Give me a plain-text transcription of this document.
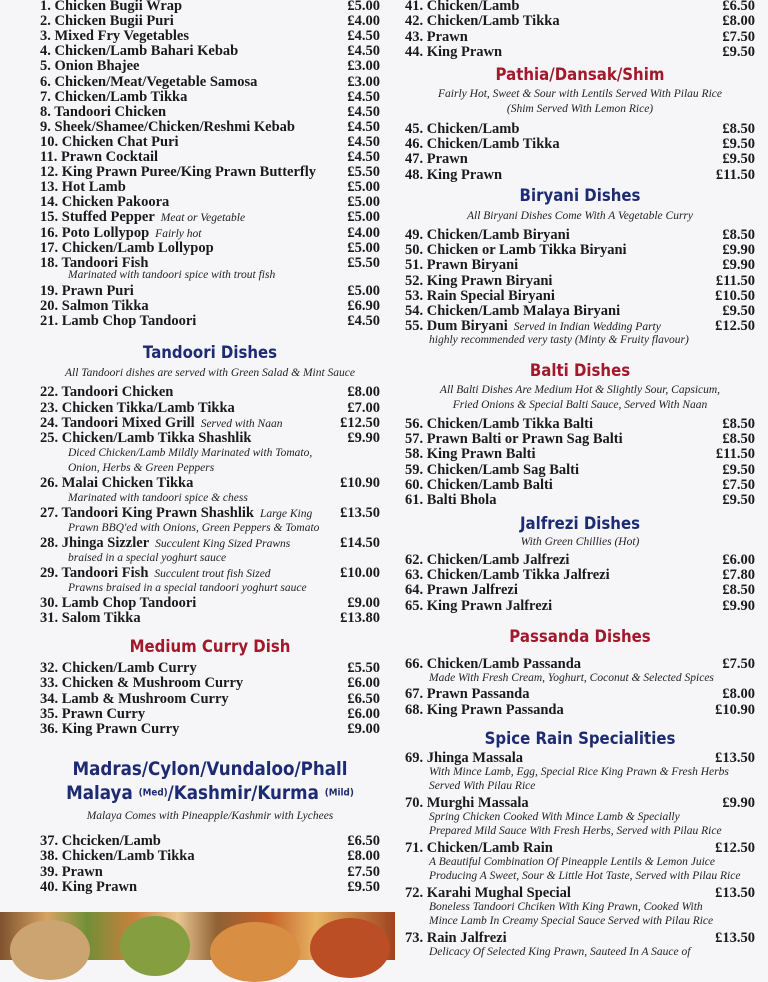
1. Chicken Bugii Wrap	£5.00
2. Chicken Bugii Puri	£4.00
3. Mixed Fry Vegetables	£4.50
4. Chicken/Lamb Bahari Kebab	£4.50
5. Onion Bhajee	£3.00
6. Chicken/Meat/Vegetable Samosa	£3.00
7. Chicken/Lamb Tikka	£4.50
8. Tandoori Chicken	£4.50
9. Sheek/Shamee/Chicken/Reshmi Kebab	£4.50
10. Chicken Chat Puri	£4.50
11. Prawn Cocktail	£4.50
12. King Prawn Puree/King Prawn Butterfly £5.50
13. Hot Lamb	£5.00
14. Chicken Pakoora	£5.00
15. Stuffed Pepper Meat or Vegetable	£5.00
16. Poto Lollypop Fairly hot	£4.00
17. Chicken/Lamb Lollypop	£5.00
18. Tandoori Fish	£5.50
Marinated with tandoori spice with trout fish
19. Prawn Puri	£5.00
20. Salmon Tikka	£6.90
21. Lamb Chop Tandoori	£4.50
Tandoori Dishes
All Tandoori dishes are served with Green Salad & Mint Sauce
22. Tandoori Chicken	£8.00
23. Chicken Tikka/Lamb Tikka	£7.00
24. Tandoori Mixed Grill Served with Naan	£12.50
25. Chicken/Lamb Tikka Shashlik	£9.90
Diced Chicken/Lamb Mildly Marinated with Tomato,
Onion, Herbs & Green Peppers
26. Malai Chicken Tikka	£10.90
Marinated with tandoori spice & chess
27. Tandoori King Prawn Shashlik Large King £13.50
Prawn BBQ'ed with Onions, Green Peppers & Tomato
28. Jhinga Sizzler Succulent King Sized Prawns	£14.50
braised in a special yoghurt sauce
29. Tandoori Fish Succulent trout fish Sized	£10.00
Prawns braised in a special tandoori yoghurt sauce
30. Lamb Chop Tandoori	£9.00
31. Salom Tikka	£13.80
Medium Curry Dish
32. Chicken/Lamb Curry	£5.50
33. Chicken & Mushroom Curry	£6.00
34. Lamb & Mushroom Curry	£6.50
35. Prawn Curry	£6.00
36. King Prawn Curry	£9.00
Madras/Cylon/Vundaloo/Phall
Malaya (Med)/Kashmir/Kurma (Mild)
Malaya Comes with Pineapple/Kashmir with Lychees
37. Chcicken/Lamb	£6.50
38. Chicken/Lamb Tikka	£8.00
39. Prawn	£7.50
40. King Prawn	£9.50
41. Chicken/Lamb	£6.50
42. Chicken/Lamb Tikka	£8.00
43. Prawn	£7.50
44. King Prawn	£9.50
Pathia/Dansak/Shim
Fairly Hot, Sweet & Sour with Lentils Served With Pilau Rice
(Shim Served With Lemon Rice)
45. Chicken/Lamb	£8.50
46. Chicken/Lamb Tikka	£9.50
47. Prawn	£9.50
48. King Prawn	£11.50
Biryani Dishes
All Biryani Dishes Come With A Vegetable Curry
49. Chicken/Lamb Biryani	£8.50
50. Chicken or Lamb Tikka Biryani	£9.90
51. Prawn Biryani	£9.90
52. King Prawn Biryani	£11.50
53. Rain Special Biryani	£10.50
54. Chicken/Lamb Malaya Biryani	£9.50
55. Dum Biryani Served in Indian Wedding Party	£12.50
highly recommended very tasty (Minty & Fruity flavour)
Balti Dishes
All Balti Dishes Are Medium Hot & Slightly Sour, Capsicum,
Fried Onions & Special Balti Sauce, Served With Naan
56. Chicken/Lamb Tikka Balti	£8.50
57. Prawn Balti or Prawn Sag Balti	£8.50
58. King Prawn Balti	£11.50
59. Chicken/Lamb Sag Balti	£9.50
60. Chicken/Lamb Balti	£7.50
61. Balti Bhola	£9.50
Jalfrezi Dishes
With Green Chillies (Hot)
62. Chicken/Lamb Jalfrezi	£6.00
63. Chicken/Lamb Tikka Jalfrezi	£7.80
64. Prawn Jalfrezi	£8.50
65. King Prawn Jalfrezi	£9.90
Passanda Dishes
66. Chicken/Lamb Passanda	£7.50
Made With Fresh Cream, Yoghurt, Coconut & Selected Spices
67. Prawn Passanda	£8.00
68. King Prawn Passanda	£10.90
Spice Rain Specialities
69. Jhinga Massala	£13.50
With Mince Lamb, Egg, Special Rice King Prawn & Fresh Herbs
Served With Pilau Rice
70. Murghi Massala	£9.90
Spring Chicken Cooked With Mince Lamb & Specially
Prepared Mild Sauce With Fresh Herbs, Served with Pilau Rice
71. Chicken/Lamb Rain	£12.50
A Beautiful Combination Of Pineapple Lentils & Lemon Juice
Producing A Sweet, Sour & Little Hot Taste, Served with Pilau Rice
72. Karahi Mughal Special	£13.50
Boneless Tandoori Chciken With King Prawn, Cooked With
Mince Lamb In Creamy Special Sauce Served with Pilau Rice
73. Rain Jalfrezi	£13.50
Delicacy Of Selected King Prawn, Sauteed In A Sauce of
